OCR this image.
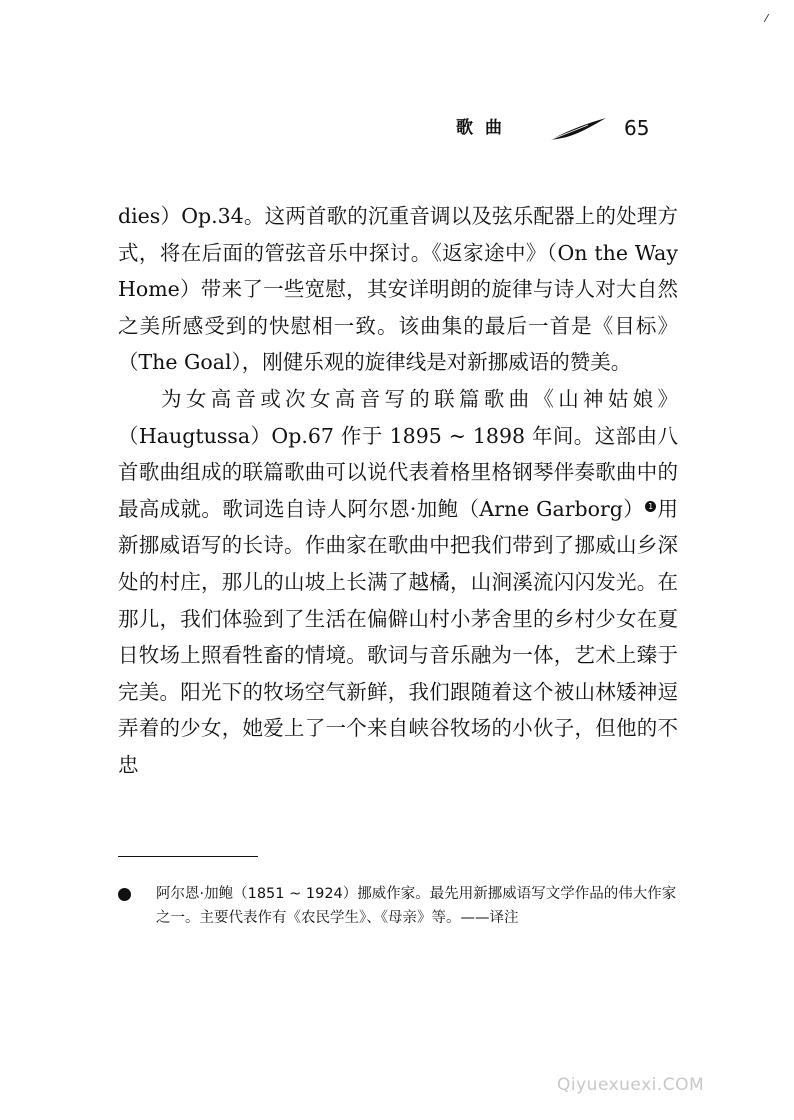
歌曲	65

dies）Op.34。这两首歌的沉重音调以及弦乐配器上的处理方式，将在后面的管弦音乐中探讨。《返家途中》（On the Way Home）带来了一些宽慰，其安详明朗的旋律与诗人对大自然之美所感受到的快慰相一致。该曲集的最后一首是《目标》（The Goal），刚健乐观的旋律线是对新挪威语的赞美。

为女高音或次女高音写的联篇歌曲《山神姑娘》（Haugtussa）Op.67 作于 1895 ~ 1898 年间。这部由八首歌曲组成的联篇歌曲可以说代表着格里格钢琴伴奏歌曲中的最高成就。歌词选自诗人阿尔恩·加鲍（Arne Garborg） 1 用新挪威语写的长诗。作曲家在歌曲中把我们带到了挪威山乡深处的村庄，那儿的山坡上长满了越橘，山涧溪流闪闪发光。在那儿，我们体验到了生活在偏僻山村小茅舍里的乡村少女在夏日牧场上照看牲畜的情境。歌词与音乐融为一体，艺术上臻于完美。阳光下的牧场空气新鲜，我们跟随着这个被山林矮神逗弄着的少女，她爱上了一个来自峡谷牧场的小伙子，但他的不忠

阿尔恩·加鲍（1851 ~ 1924）挪威作家。最先用新挪威语写文学作品的伟大作家之一。主要代表作有《农民学生》、《母亲》等。——译注
Qiyuexuexi.COM
